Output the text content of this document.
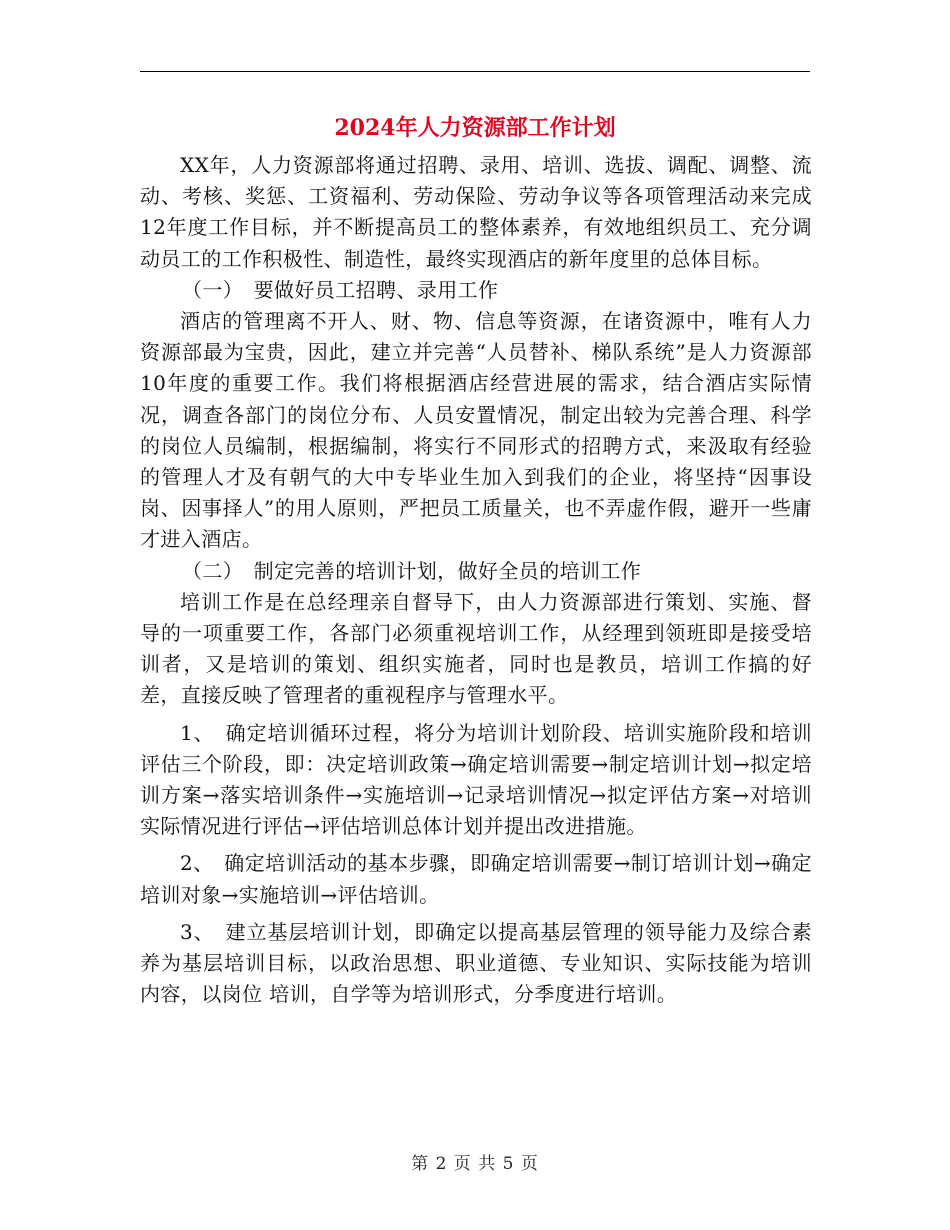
2024年人力资源部工作计划

XX年，人力资源部将通过招聘、录用、培训、选拔、调配、调整、流动、考核、奖惩、工资福利、劳动保险、劳动争议等各项管理活动来完成12年度工作目标，并不断提高员工的整体素养，有效地组织员工、充分调动员工的工作积极性、制造性，最终实现酒店的新年度里的总体目标。

（一）　要做好员工招聘、录用工作

酒店的管理离不开人、财、物、信息等资源，在诸资源中，唯有人力资源部最为宝贵，因此，建立并完善“人员替补、梯队系统”是人力资源部10年度的重要工作。我们将根据酒店经营进展的需求，结合酒店实际情况，调查各部门的岗位分布、人员安置情况，制定出较为完善合理、科学的岗位人员编制，根据编制，将实行不同形式的招聘方式，来汲取有经验的管理人才及有朝气的大中专毕业生加入到我们的企业，将坚持“因事设岗、因事择人”的用人原则，严把员工质量关，也不弄虚作假，避开一些庸才进入酒店。

（二）　制定完善的培训计划，做好全员的培训工作

培训工作是在总经理亲自督导下，由人力资源部进行策划、实施、督导的一项重要工作，各部门必须重视培训工作，从经理到领班即是接受培训者，又是培训的策划、组织实施者，同时也是教员，培训工作搞的好差，直接反映了管理者的重视程序与管理水平。

1、　确定培训循环过程，将分为培训计划阶段、培训实施阶段和培训评估三个阶段，即：决定培训政策→确定培训需要→制定培训计划→拟定培训方案→落实培训条件→实施培训→记录培训情况→拟定评估方案→对培训实际情况进行评估→评估培训总体计划并提出改进措施。

2、　确定培训活动的基本步骤，即确定培训需要→制订培训计划→确定培训对象→实施培训→评估培训。

3、　建立基层培训计划，即确定以提高基层管理的领导能力及综合素养为基层培训目标，以政治思想、职业道德、专业知识、实际技能为培训内容，以岗位 培训，自学等为培训形式，分季度进行培训。

第 2 页 共 5 页
